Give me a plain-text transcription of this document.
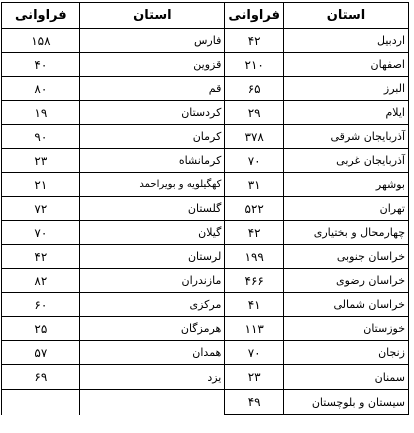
استان	فراوانی	استان	فراوانی
اردبیل	۴۲	فارس	۱۵۸
اصفهان	۲۱۰	قزوین	۴۰
البرز	۶۵	قم	۸۰
ایلام	۲۹	کردستان	۱۹
آذربایجان شرقی	۳۷۸	کرمان	۹۰
آذربایجان غربی	۷۰	کرمانشاه	۲۳
بوشهر	۳۱	کهگیلویه و بویراحمد	۲۱
تهران	۵۲۲	گلستان	۷۲
چهارمحال و بختیاری	۴۲	گیلان	۷۰
خراسان جنوبی	۱۹۹	لرستان	۴۲
خراسان رضوی	۴۶۶	مازندران	۸۲
خراسان شمالی	۴۱	مرکزی	۶۰
خوزستان	۱۱۳	هرمزگان	۲۵
زنجان	۷۰	همدان	۵۷
سمنان	۲۳	یزد	۶۹
سیستان و بلوچستان	۴۹		
